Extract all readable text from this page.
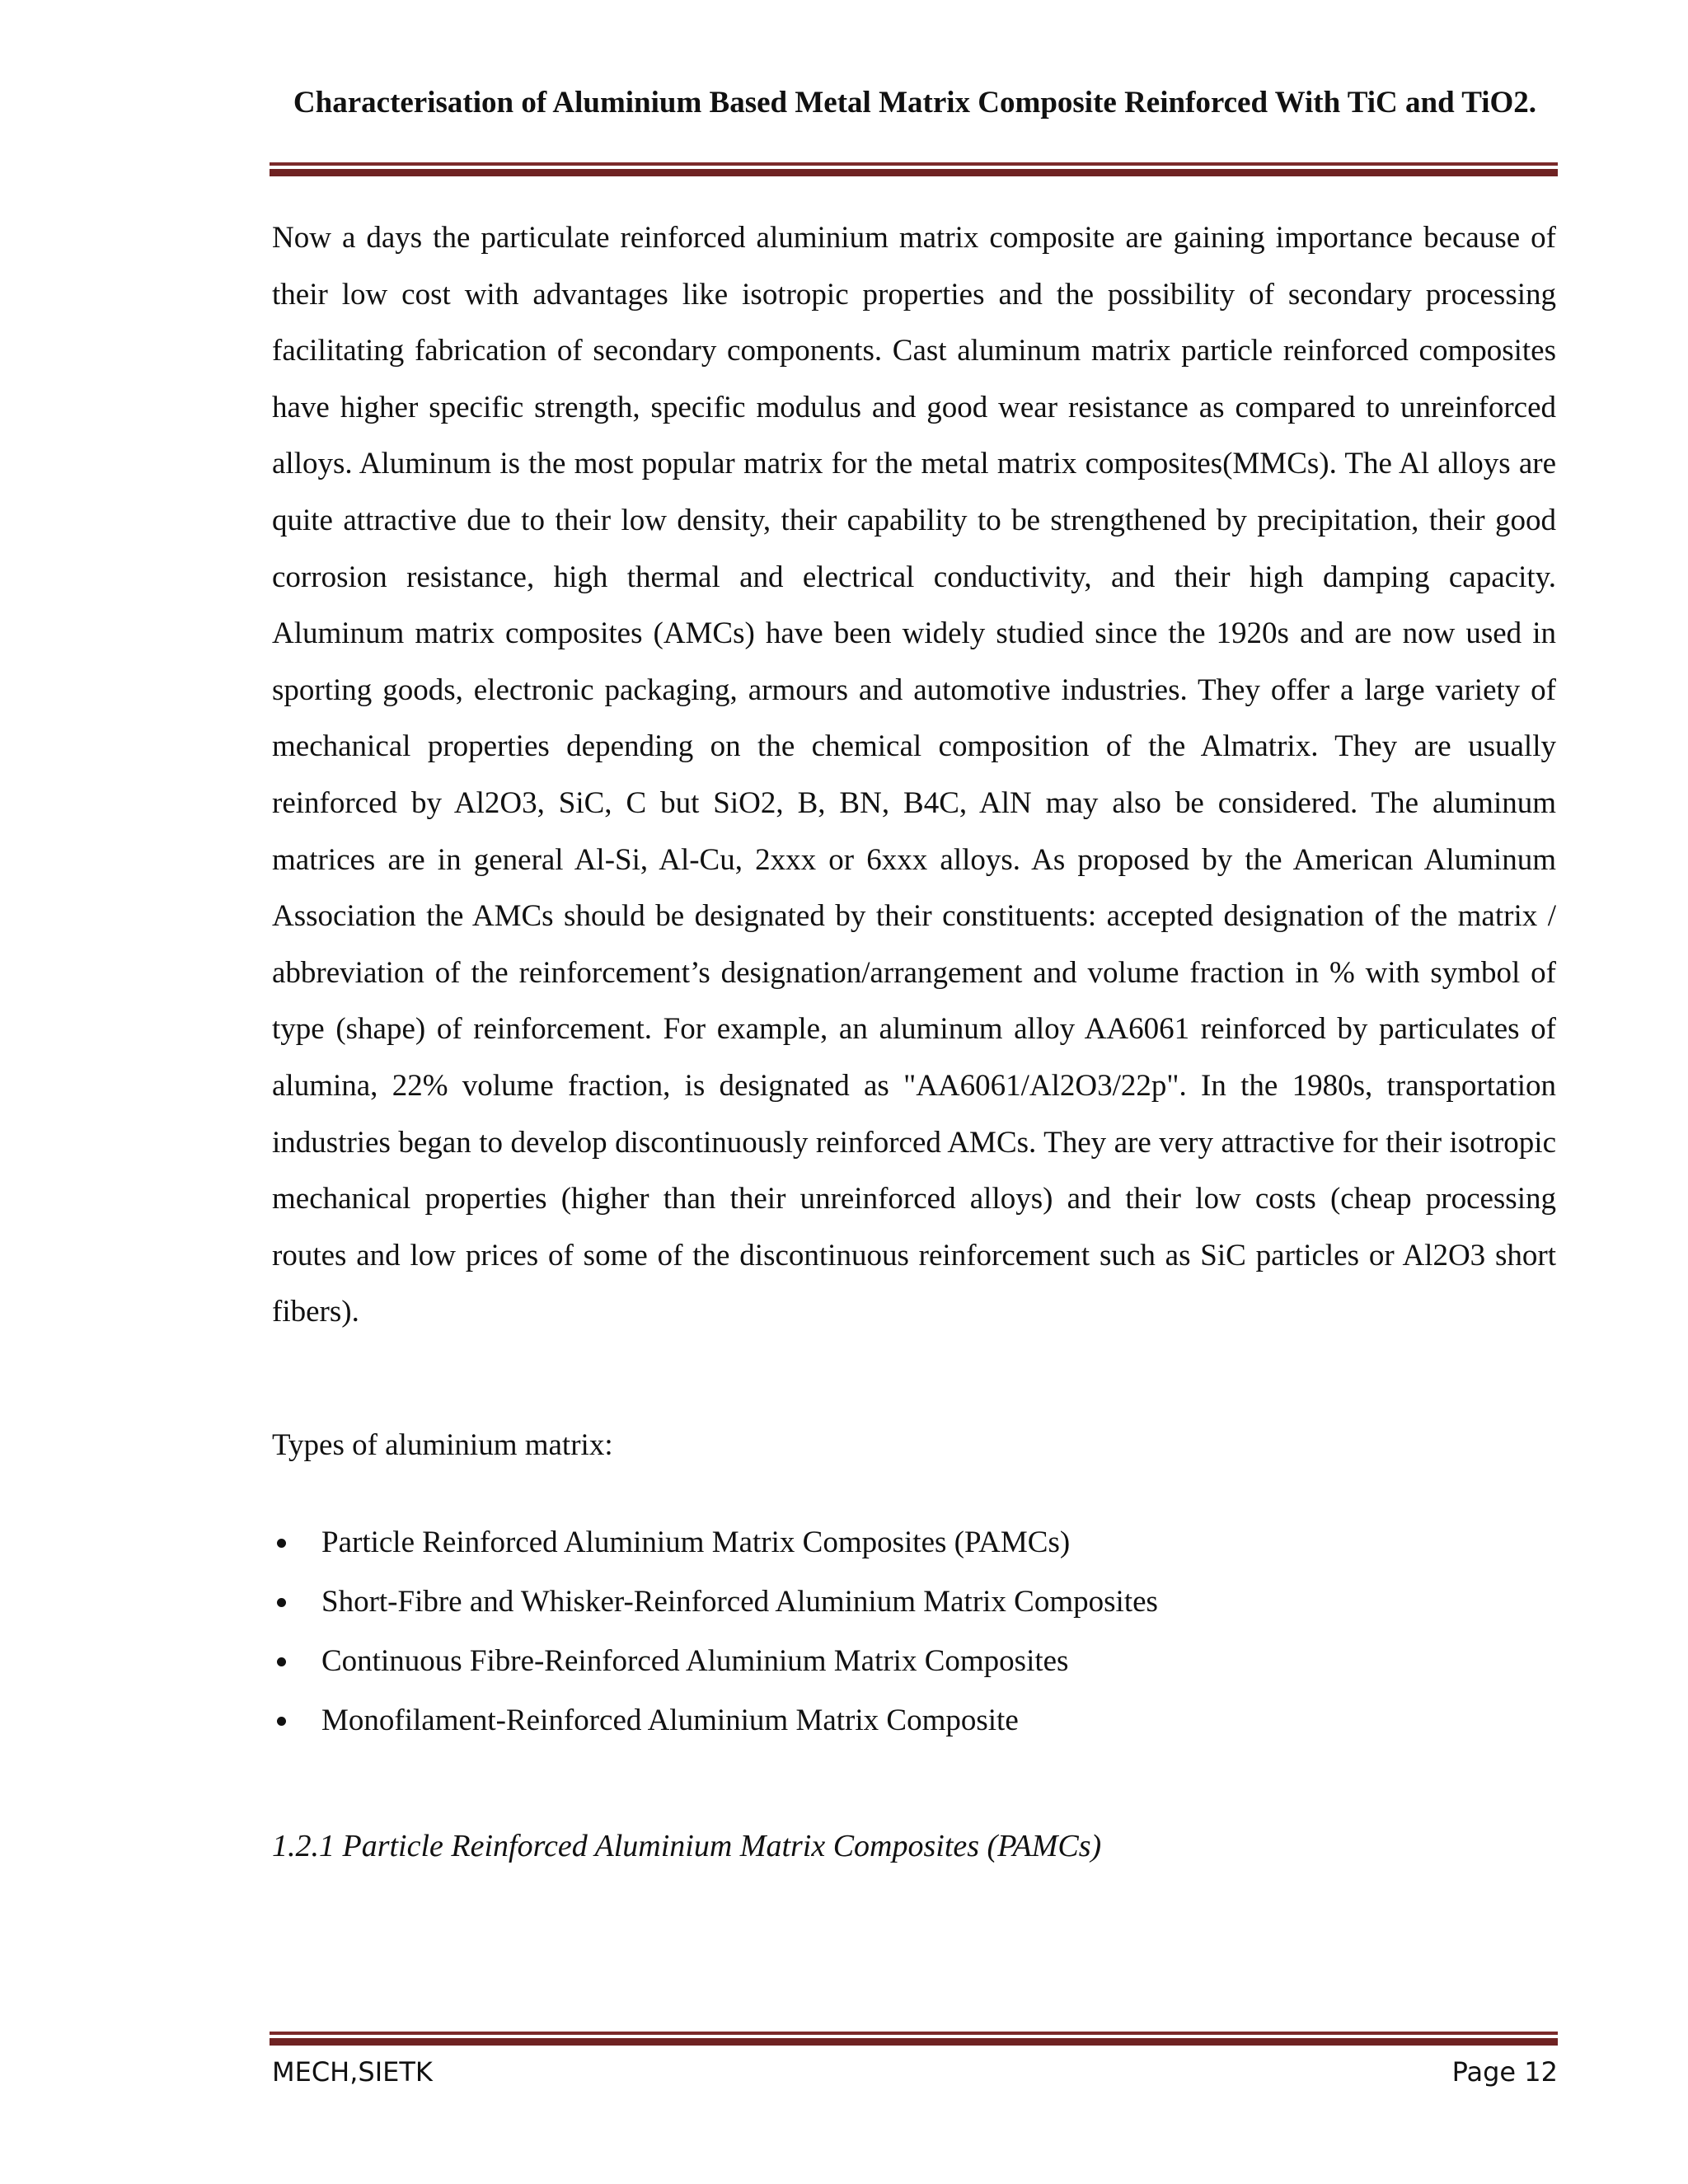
Characterisation of Aluminium Based Metal Matrix Composite Reinforced With TiC and TiO2.

Now a days the particulate reinforced aluminium matrix composite are gaining importance because of their low cost with advantages like isotropic properties and the possibility of secondary processing facilitating fabrication of secondary components. Cast aluminum matrix particle reinforced composites have higher specific strength, specific modulus and good wear resistance as compared to unreinforced alloys. Aluminum is the most popular matrix for the metal matrix composites(MMCs). The Al alloys are quite attractive due to their low density, their capability to be strengthened by precipitation, their good corrosion resistance, high thermal and electrical conductivity, and their high damping capacity. Aluminum matrix composites (AMCs) have been widely studied since the 1920s and are now used in sporting goods, electronic packaging, armours and automotive industries. They offer a large variety of mechanical properties depending on the chemical composition of the Almatrix. They are usually reinforced by Al2O3, SiC, C but SiO2, B, BN, B4C, AlN may also be considered. The aluminum matrices are in general Al-Si, Al-Cu, 2xxx or 6xxx alloys. As proposed by the American Aluminum Association the AMCs should be designated by their constituents: accepted designation of the matrix / abbreviation of the reinforcement’s designation/arrangement and volume fraction in % with symbol of type (shape) of reinforcement. For example, an aluminum alloy AA6061 reinforced by particulates of alumina, 22% volume fraction, is designated as "AA6061/Al2O3/22p". In the 1980s, transportation industries began to develop discontinuously reinforced AMCs. They are very attractive for their isotropic mechanical properties (higher than their unreinforced alloys) and their low costs (cheap processing routes and low prices of some of the discontinuous reinforcement such as SiC particles or Al2O3 short fibers).

Types of aluminium matrix:

Particle Reinforced Aluminium Matrix Composites (PAMCs)
Short-Fibre and Whisker-Reinforced Aluminium Matrix Composites
Continuous Fibre-Reinforced Aluminium Matrix Composites
Monofilament-Reinforced Aluminium Matrix Composite
1.2.1 Particle Reinforced Aluminium Matrix Composites (PAMCs)
MECH,SIETK	Page 12
